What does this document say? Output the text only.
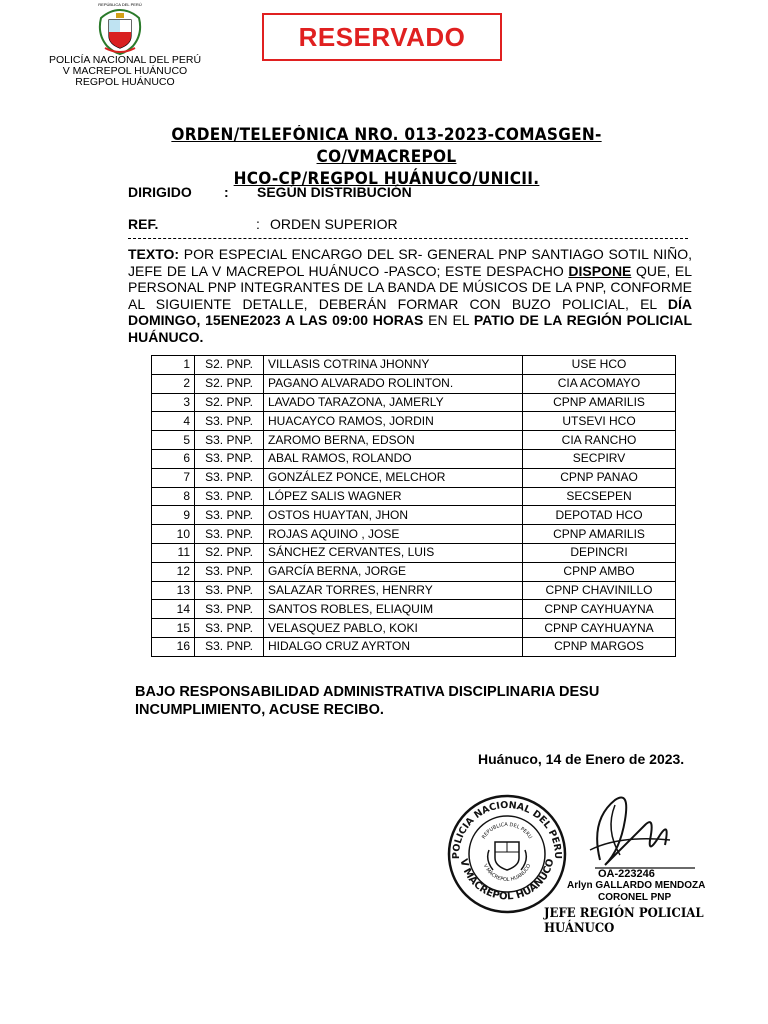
REPÚBLICA DEL PERÚ
POLICÍA NACIONAL DEL PERÚ
V MACREPOL HUÁNUCO
REGPOL HUÁNUCO
RESERVADO
ORDEN/TELEFÓNICA NRO. 013-2023-COMASGEN-CO/VMACREPOL
HCO-CP/REGPOL HUÁNUCO/UNICII.
DIRIGIDO : SEGÚN DISTRIBUCIÓN
REF.	: ORDEN SUPERIOR
TEXTO: POR ESPECIAL ENCARGO DEL SR- GENERAL PNP SANTIAGO SOTIL NIÑO, JEFE DE LA V MACREPOL HUÁNUCO -PASCO; ESTE DESPACHO DISPONE QUE, EL PERSONAL PNP INTEGRANTES DE LA BANDA DE MÚSICOS DE LA PNP, CONFORME AL SIGUIENTE DETALLE, DEBERÁN FORMAR CON BUZO POLICIAL, EL DÍA DOMINGO, 15ENE2023 A LAS 09:00 HORAS EN EL PATIO DE LA REGIÓN POLICIAL HUÁNUCO.
1	S2. PNP.	VILLASIS COTRINA JHONNY	USE HCO
2	S2. PNP.	PAGANO ALVARADO ROLINTON.	CIA ACOMAYO
3	S2. PNP.	LAVADO TARAZONA, JAMERLY	CPNP AMARILIS
4	S3. PNP.	HUACAYCO RAMOS, JORDIN	UTSEVI HCO
5	S3. PNP.	ZAROMO BERNA, EDSON	CIA RANCHO
6	S3. PNP.	ABAL RAMOS, ROLANDO	SECPIRV
7	S3. PNP.	GONZÁLEZ PONCE, MELCHOR	CPNP PANAO
8	S3. PNP.	LÓPEZ SALIS WAGNER	SECSEPEN
9	S3. PNP.	OSTOS HUAYTAN, JHON	DEPOTAD HCO
10	S3. PNP.	ROJAS AQUINO , JOSE	CPNP AMARILIS
11	S2. PNP.	SÁNCHEZ CERVANTES, LUIS	DEPINCRI
12	S3. PNP.	GARCÍA BERNA, JORGE	CPNP AMBO
13	S3. PNP.	SALAZAR TORRES, HENRRY	CPNP CHAVINILLO
14	S3. PNP.	SANTOS ROBLES, ELIAQUIM	CPNP CAYHUAYNA
15	S3. PNP.	VELASQUEZ PABLO, KOKI	CPNP CAYHUAYNA
16	S3. PNP.	HIDALGO CRUZ AYRTON	CPNP MARGOS
BAJO RESPONSABILIDAD ADMINISTRATIVA DISCIPLINARIA DESU
INCUMPLIMIENTO, ACUSE RECIBO.
Huánuco, 14 de Enero de 2023.
POLICIA NACIONAL DEL PERU
V MACREPOL HUANUCO
REPUBLICA DEL PERU
V MACREPOL HUANUCO
OA-223246
Arlyn GALLARDO MENDOZA
CORONEL PNP
JEFE REGIÓN POLICIAL HUÁNUCO
